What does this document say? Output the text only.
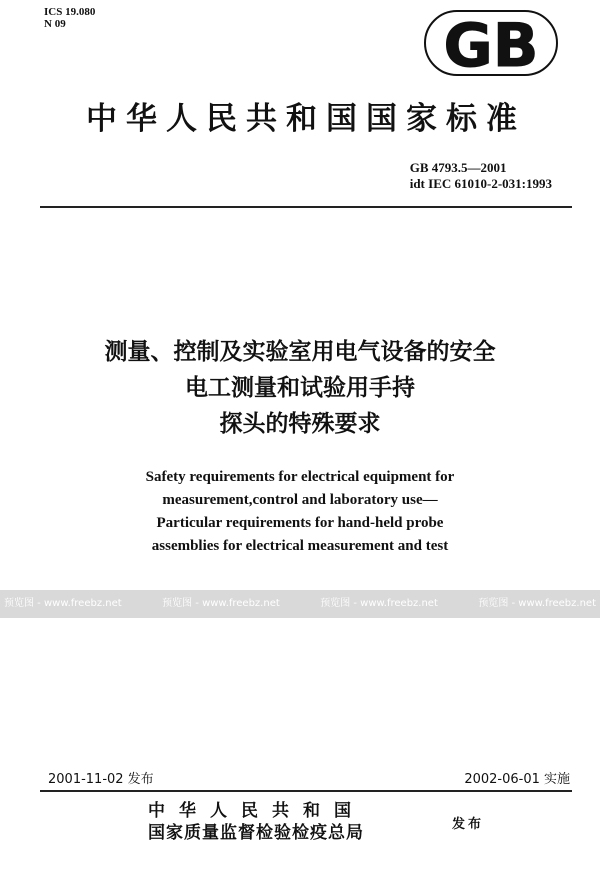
ICS 19.080
N 09	GB
中华人民共和国国家标准
GB 4793.5—2001
idt IEC 61010-2-031:1993
测量、控制及实验室用电气设备的安全
电工测量和试验用手持
探头的特殊要求
Safety requirements for electrical equipment for
measurement,control and laboratory use—
Particular requirements for hand-held probe
assemblies for electrical measurement and test
预览图 - www.freebz.net	预览图 - www.freebz.net	预览图 - www.freebz.net	预览图 - www.freebz.net
2001-11-02 发布	2002-06-01 实施
中华人民共和国
国家质量监督检验检疫总局	发布
